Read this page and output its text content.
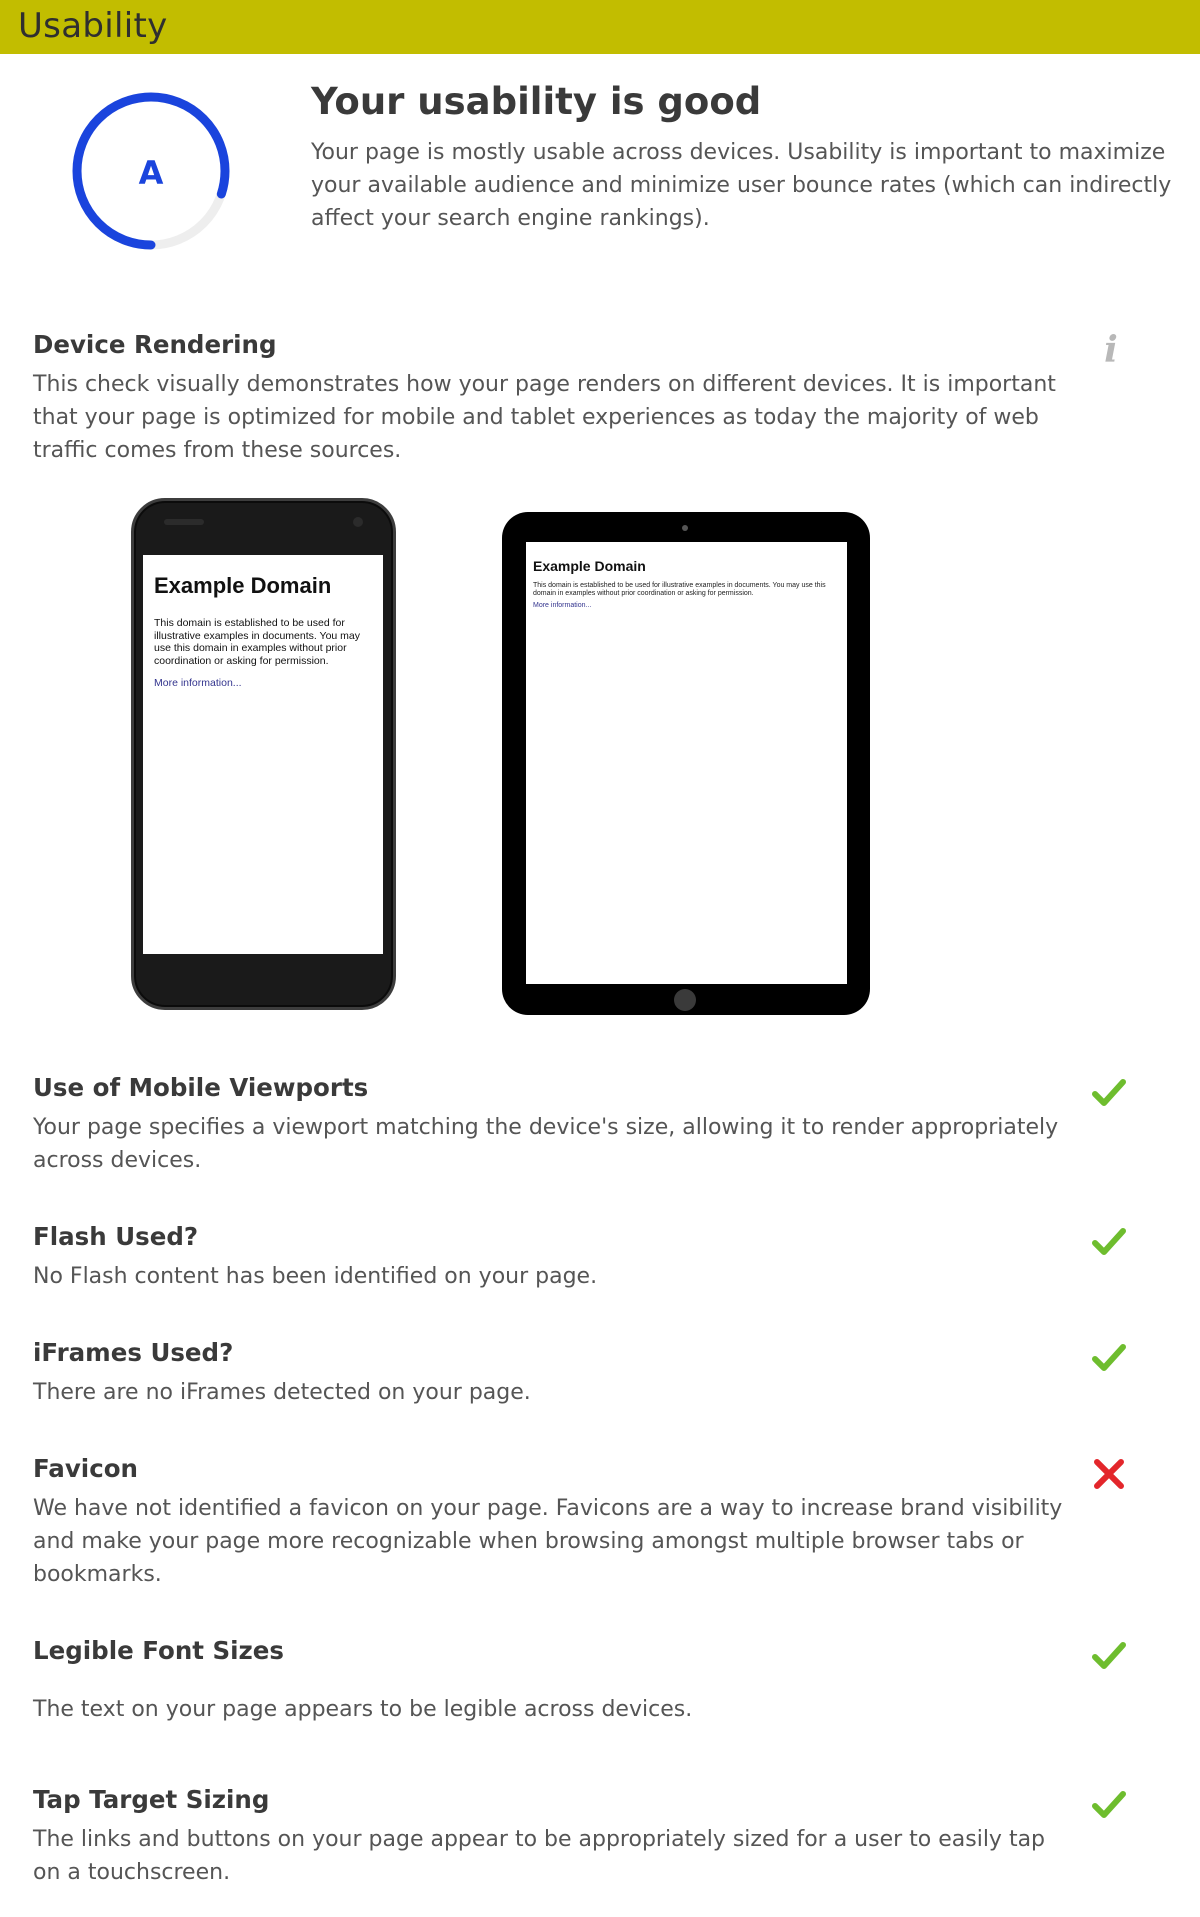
Usability
A
Your usability is good
Your page is mostly usable across devices. Usability is important to maximize your available audience and minimize user bounce rates (which can indirectly affect your search engine rankings).
Device Rendering
This check visually demonstrates how your page renders on different devices. It is important that your page is optimized for mobile and tablet experiences as today the majority of web traffic comes from these sources.
i
Example Domain
This domain is established to be used for illustrative examples in documents. You may use this domain in examples without prior coordination or asking for permission.
More information...
Example Domain
This domain is established to be used for illustrative examples in documents. You may use this domain in examples without prior coordination or asking for permission.
More information...
Use of Mobile Viewports
Your page specifies a viewport matching the device's size, allowing it to render appropriately across devices.
Flash Used?
No Flash content has been identified on your page.
iFrames Used?
There are no iFrames detected on your page.
Favicon
We have not identified a favicon on your page. Favicons are a way to increase brand visibility and make your page more recognizable when browsing amongst multiple browser tabs or bookmarks.
Legible Font Sizes
The text on your page appears to be legible across devices.
Tap Target Sizing
The links and buttons on your page appear to be appropriately sized for a user to easily tap on a touchscreen.
